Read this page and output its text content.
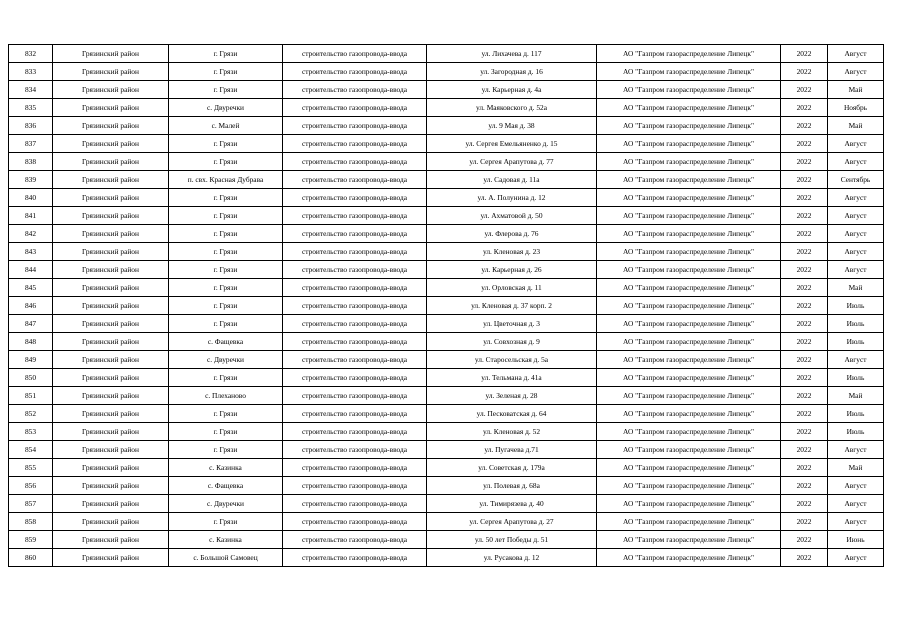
832	Грязинский район	г. Грязи	строительство газопровода-ввода	ул. Лихачева д. 117	АО "Газпром газораспределение Липецк"	2022	Август
833	Грязинский район	г. Грязи	строительство газопровода-ввода	ул. Загородная д. 16	АО "Газпром газораспределение Липецк"	2022	Август
834	Грязинский район	г. Грязи	строительство газопровода-ввода	ул. Карьерная д. 4а	АО "Газпром газораспределение Липецк"	2022	Май
835	Грязинский район	с. Двуречки	строительство газопровода-ввода	ул. Маяковского д. 52а	АО "Газпром газораспределение Липецк"	2022	Ноябрь
836	Грязинский район	с. Малей	строительство газопровода-ввода	ул. 9 Мая д. 38	АО "Газпром газораспределение Липецк"	2022	Май
837	Грязинский район	г. Грязи	строительство газопровода-ввода	ул. Сергея Емельяненко д. 15	АО "Газпром газораспределение Липецк"	2022	Август
838	Грязинский район	г. Грязи	строительство газопровода-ввода	ул. Сергея Арапутова д. 77	АО "Газпром газораспределение Липецк"	2022	Август
839	Грязинский район	п. свх. Красная Дубрава	строительство газопровода-ввода	ул. Садовая д. 11а	АО "Газпром газораспределение Липецк"	2022	Сентябрь
840	Грязинский район	г. Грязи	строительство газопровода-ввода	ул. А. Полунина д. 12	АО "Газпром газораспределение Липецк"	2022	Август
841	Грязинский район	г. Грязи	строительство газопровода-ввода	ул. Ахматовой д. 50	АО "Газпром газораспределение Липецк"	2022	Август
842	Грязинский район	г. Грязи	строительство газопровода-ввода	ул. Флерова д. 76	АО "Газпром газораспределение Липецк"	2022	Август
843	Грязинский район	г. Грязи	строительство газопровода-ввода	ул. Кленовая д. 23	АО "Газпром газораспределение Липецк"	2022	Август
844	Грязинский район	г. Грязи	строительство газопровода-ввода	ул. Карьерная д. 26	АО "Газпром газораспределение Липецк"	2022	Август
845	Грязинский район	г. Грязи	строительство газопровода-ввода	ул. Орловская д. 11	АО "Газпром газораспределение Липецк"	2022	Май
846	Грязинский район	г. Грязи	строительство газопровода-ввода	ул. Кленовая д. 37 корп. 2	АО "Газпром газораспределение Липецк"	2022	Июль
847	Грязинский район	г. Грязи	строительство газопровода-ввода	ул. Цветочная д. 3	АО "Газпром газораспределение Липецк"	2022	Июль
848	Грязинский район	с. Фащевка	строительство газопровода-ввода	ул. Совхозная д. 9	АО "Газпром газораспределение Липецк"	2022	Июль
849	Грязинский район	с. Двуречки	строительство газопровода-ввода	ул. Старосельская д. 5а	АО "Газпром газораспределение Липецк"	2022	Август
850	Грязинский район	г. Грязи	строительство газопровода-ввода	ул. Тельмана д. 41а	АО "Газпром газораспределение Липецк"	2022	Июль
851	Грязинский район	с. Плеханово	строительство газопровода-ввода	ул. Зеленая д. 28	АО "Газпром газораспределение Липецк"	2022	Май
852	Грязинский район	г. Грязи	строительство газопровода-ввода	ул. Песковатская д. 64	АО "Газпром газораспределение Липецк"	2022	Июль
853	Грязинский район	г. Грязи	строительство газопровода-ввода	ул. Кленовая д. 52	АО "Газпром газораспределение Липецк"	2022	Июль
854	Грязинский район	г. Грязи	строительство газопровода-ввода	ул. Пугачева д.71	АО "Газпром газораспределение Липецк"	2022	Август
855	Грязинский район	с. Казинка	строительство газопровода-ввода	ул. Советская д. 179а	АО "Газпром газораспределение Липецк"	2022	Май
856	Грязинский район	с. Фащевка	строительство газопровода-ввода	ул. Полевая д. 68а	АО "Газпром газораспределение Липецк"	2022	Август
857	Грязинский район	с. Двуречки	строительство газопровода-ввода	ул. Тимирязева д. 40	АО "Газпром газораспределение Липецк"	2022	Август
858	Грязинский район	г. Грязи	строительство газопровода-ввода	ул. Сергея Арапутова д. 27	АО "Газпром газораспределение Липецк"	2022	Август
859	Грязинский район	с. Казинка	строительство газопровода-ввода	ул. 50 лет Победы д. 51	АО "Газпром газораспределение Липецк"	2022	Июнь
860	Грязинский район	с. Большой Самовец	строительство газопровода-ввода	ул. Русакова д. 12	АО "Газпром газораспределение Липецк"	2022	Август
